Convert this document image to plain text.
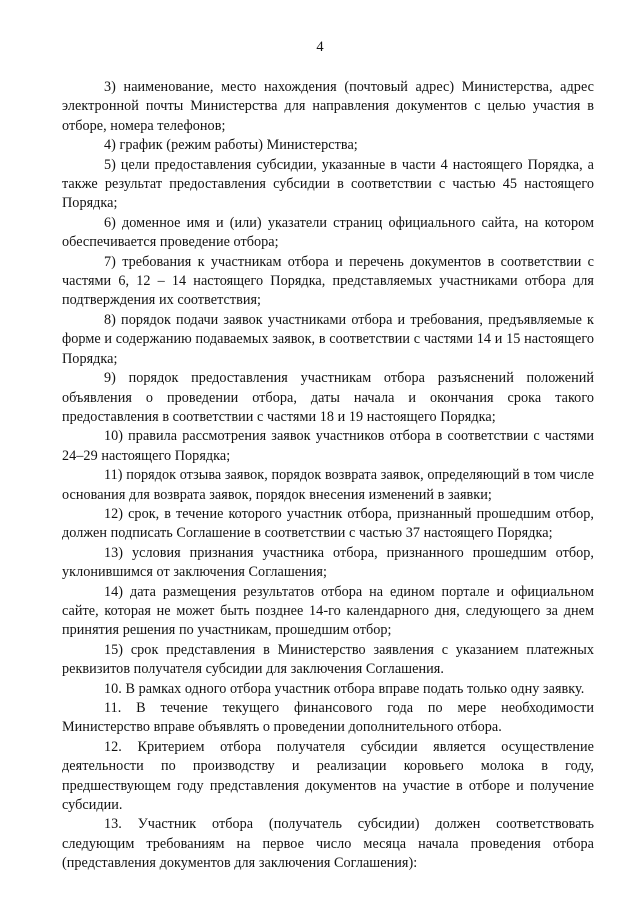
4

3) наименование, место нахождения (почтовый адрес) Министерства, адрес электронной почты Министерства для направления документов с целью участия в отборе, номера телефонов;

4) график (режим работы) Министерства;

5) цели предоставления субсидии, указанные в части 4 настоящего Порядка, а также результат предоставления субсидии в соответствии с частью 45 настоящего Порядка;

6) доменное имя и (или) указатели страниц официального сайта, на котором обеспечивается проведение отбора;

7) требования к участникам отбора и перечень документов в соответствии с частями 6, 12 – 14 настоящего Порядка, представляемых участниками отбора для подтверждения их соответствия;

8) порядок подачи заявок участниками отбора и требования, предъявляемые к форме и содержанию подаваемых заявок, в соответствии с частями 14 и 15 настоящего Порядка;

9) порядок предоставления участникам отбора разъяснений положений объявления о проведении отбора, даты начала и окончания срока такого предоставления в соответствии с частями 18 и 19 настоящего Порядка;

10) правила рассмотрения заявок участников отбора в соответствии с частями 24–29 настоящего Порядка;

11) порядок отзыва заявок, порядок возврата заявок, определяющий в том числе основания для возврата заявок, порядок внесения изменений в заявки;

12) срок, в течение которого участник отбора, признанный прошедшим отбор, должен подписать Соглашение в соответствии с частью 37 настоящего Порядка;

13) условия признания участника отбора, признанного прошедшим отбор, уклонившимся от заключения Соглашения;

14) дата размещения результатов отбора на едином портале и официальном сайте, которая не может быть позднее 14-го календарного дня, следующего за днем принятия решения по участникам, прошедшим отбор;

15) срок представления в Министерство заявления с указанием платежных реквизитов получателя субсидии для заключения Соглашения.

10. В рамках одного отбора участник отбора вправе подать только одну заявку.

11. В течение текущего финансового года по мере необходимости Министерство вправе объявлять о проведении дополнительного отбора.

12. Критерием отбора получателя субсидии является осуществление деятельности по производству и реализации коровьего молока в году, предшествующем году представления документов на участие в отборе и получение субсидии.

13. Участник отбора (получатель субсидии) должен соответствовать следующим требованиям на первое число месяца начала проведения отбора (представления документов для заключения Соглашения):
